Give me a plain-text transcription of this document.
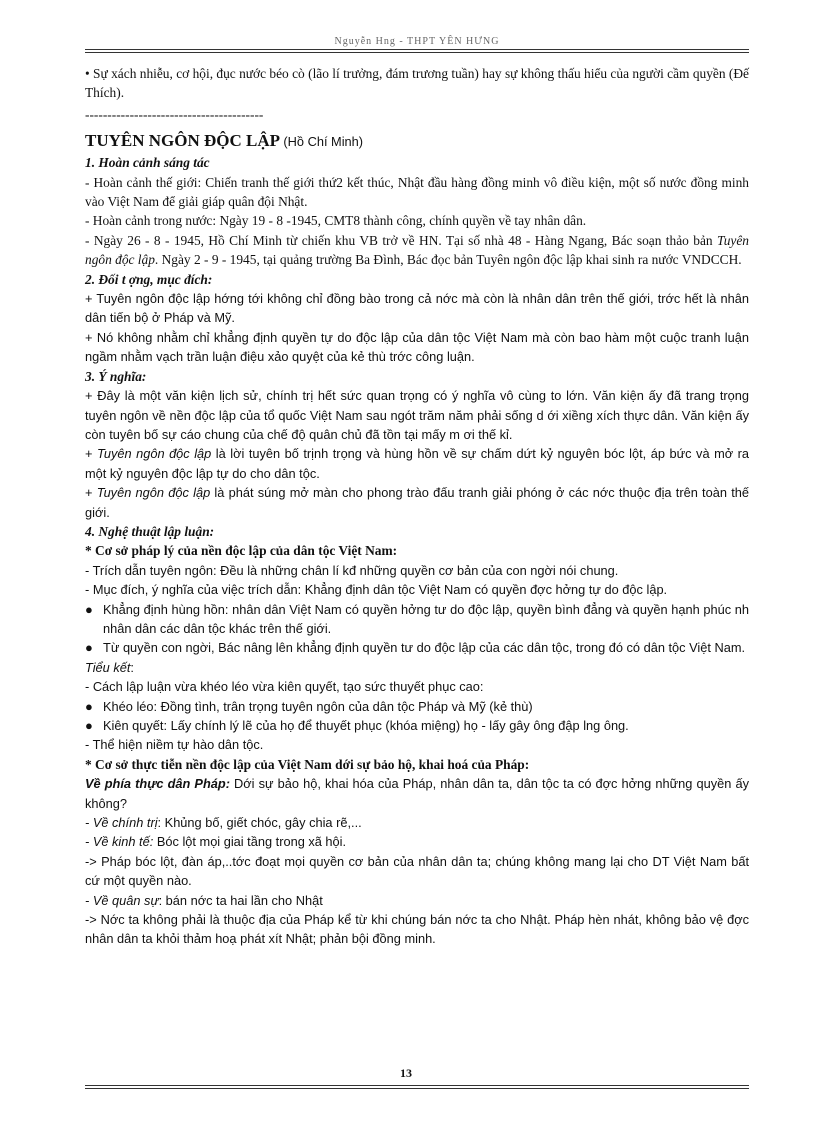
Nguyễn Hng - THPT YÊN HƯNG

• Sự xách nhiễu, cơ hội, đục nước béo cò (lão lí trưởng, đám trương tuần) hay sự không thấu hiểu của người cầm quyền (Đế Thích).

----------------------------------------

TUYÊN NGÔN ĐỘC LẬP (Hồ Chí Minh)

1. Hoàn cảnh sáng tác

- Hoàn cảnh thế giới: Chiến tranh thế giới thứ2 kết thúc, Nhật đầu hàng đồng minh vô điều kiện, một số nước đồng minh vào Việt Nam để giải giáp quân đội Nhật.

- Hoàn cảnh trong nước: Ngày 19 - 8 -1945, CMT8 thành công, chính quyền về tay nhân dân.

- Ngày 26 - 8 - 1945, Hồ Chí Minh từ chiến khu VB trở về HN. Tại số nhà 48 - Hàng Ngang, Bác soạn thảo bản Tuyên ngôn độc lập. Ngày 2 - 9 - 1945, tại quảng trường Ba Đình, Bác đọc bản Tuyên ngôn độc lập khai sinh ra nước VNDCCH.

2. Đối t ợng, mục đích:

+ Tuyên ngôn độc lập hớng tới không chỉ đồng bào trong cả nớc mà còn là nhân dân trên thế giới, trớc hết là nhân dân tiến bộ ở Pháp và Mỹ.

+ Nó không nhằm chỉ khẳng định quyền tự do độc lập của dân tộc Việt Nam mà còn bao hàm một cuộc tranh luận ngầm nhằm vạch trần luận điệu xảo quyệt của kẻ thù trớc công luận.

3. Ý nghĩa:

+ Đây là một văn kiện lịch sử, chính trị hết sức quan trọng có ý nghĩa vô cùng to lớn. Văn kiện ấy đã trang trọng tuyên ngôn về nền độc lập của tổ quốc Việt Nam sau ngót trăm năm phải sống d ới xiềng xích thực dân. Văn kiện ấy còn tuyên bố sự cáo chung của chế độ quân chủ đã tồn tại mấy m ơi thế kỉ.

+ Tuyên ngôn độc lập là lời tuyên bố trịnh trọng và hùng hồn về sự chấm dứt kỷ nguyên bóc lột, áp bức và mở ra một kỷ nguyên độc lập tự do cho dân tộc.

+ Tuyên ngôn độc lập là phát súng mở màn cho phong trào đấu tranh giải phóng ở các nớc thuộc địa trên toàn thế giới.

4. Nghệ thuật lập luận:

* Cơ sở pháp lý của nền độc lập của dân tộc Việt Nam:

- Trích dẫn tuyên ngôn: Đều là những chân lí kđ những quyền cơ bản của con ngời nói chung.

- Mục đích, ý nghĩa của việc trích dẫn: Khẳng định dân tộc Việt Nam có quyền đợc hởng tự do độc lập.

● Khẳng định hùng hồn: nhân dân Việt Nam có quyền hởng tư do độc lập, quyền bình đẳng và quyền hạnh phúc nh nhân dân các dân tộc khác trên thế giới.
● Từ quyền con ngời, Bác nâng lên khẳng định quyền tư do độc lập của các dân tộc, trong đó có dân tộc Việt Nam.

Tiểu kết:

- Cách lập luận vừa khéo léo vừa kiên quyết, tạo sức thuyết phục cao:

● Khéo léo: Đồng tình, trân trọng tuyên ngôn của dân tộc Pháp và Mỹ (kẻ thù)
● Kiên quyết: Lấy chính lý lẽ của họ để thuyết phục (khóa miệng) họ - lấy gây ông đập lng ông.

- Thể hiện niềm tự hào dân tộc.

* Cơ sở thực tiễn nền độc lập của Việt Nam dới sự bảo hộ, khai hoá của Pháp:

Về phía thực dân Pháp: Dới sự bảo hộ, khai hóa của Pháp, nhân dân ta, dân tộc ta có đợc hởng những quyền ấy không?

- Về chính trị: Khủng bố, giết chóc, gây chia rẽ,...

- Về kinh tế: Bóc lột mọi giai tầng trong xã hội.

-> Pháp bóc lột, đàn áp,..tớc đoạt mọi quyền cơ bản của nhân dân ta; chúng không mang lại cho DT Việt Nam bất cứ một quyền nào.

- Về quân sự: bán nớc ta hai lần cho Nhật

-> Nớc ta không phải là thuộc địa của Pháp kể từ khi chúng bán nớc ta cho Nhật. Pháp hèn nhát, không bảo vệ đợc nhân dân ta khỏi thảm hoạ phát xít Nhật; phản bội đồng minh.

13
